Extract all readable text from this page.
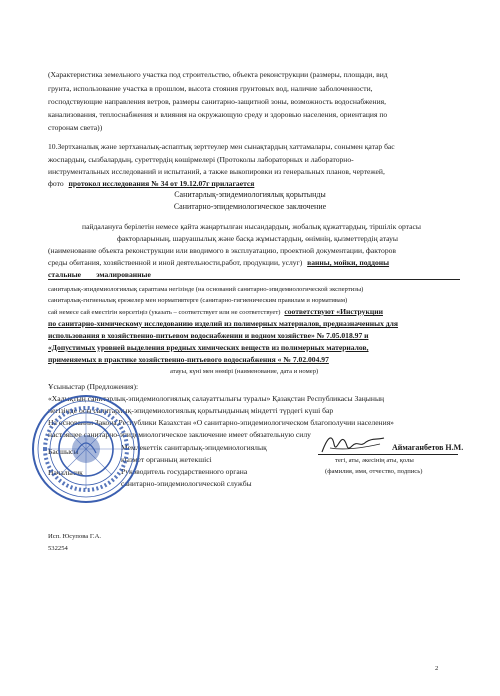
(Характеристика земельного участка под строительство, объекта реконструкции (размеры, площади, вид
грунта, использование участка в прошлом, высота стояния грунтовых вод, наличие заболоченности,
господствующие направления ветров, размеры санитарно-защитной зоны, возможность водоснабжения,
канализования, теплоснабжения и влияния на окружающую среду и здоровью населения, ориентация по
сторонам света))
10.Зертханалық және зертханалық-аспаптық зерттеулер мен сынақтардың хаттамалары, сонымен қатар бас
жоспардың, сызбалардың, суреттердің көшірмелері (Протоколы лабораторных и лабораторно-
инструментальных исследований и испытаний, а также выкопировки из генеральных планов, чертежей,
фото протокол исследования № 34 от 19.12.07г прилагается
Санитарлық-эпидемиологиялық қорытынды
Санитарно-эпидемиологическое заключение
пайдалануға берілетін немесе қайта жаңартылған нысандардың, жобалық құжаттардың, тіршілік ортасы
факторларының, шаруашылық және басқа жұмыстардың, өнімнің, қызметтердің атауы
(наименование объекта реконструкции или вводимого в эксплуатацию, проектной документации, факторов
среды обитания, хозяйственной и иной деятельности,работ, продукции, услуг) ванны, мойки, поддоны
стальные        эмалированные
санитарлық-эпидемиологиялық сараптама негізінде (на оснований санитарно-эпидемиологической экспертизы)
санитарлық-гигиеналық ережелер мен нормативтерге (санитарно-гигиеническим правилам и нормативам)
сай немесе сай еместігін көрсетіңіз (указать – соответствует или не соответствует) соответствуют «Инструкции
по санитарно-химическому исследованию изделий из полимерных материалов, предназначенных для
использования в хозяйственно-питьевом водоснабжении и водном хозяйстве» № 7.05.018.97 и
«Допустимых уровней выделения вредных химических веществ из полимерных материалов,
применяемых в практике хозяйственно-питьевого водоснабжения « № 7.02.004.97
атауы, күні мен нөмірі (наименование, дата и номер)
Ұсыныстар (Предложения):
«Халықтың санитарлық-эпидемиологиялық салауаттылығы туралы» Қазақстан Республикасы Заңының
негізінде осы санитарлық-эпидемиологиялық қорытындының міндетті түрдегі күші бар
На основании Закона Республики Казахстан «О санитарно-эпидемиологическом благополучии населения»
настоящее санитарно-эпидемиологическое заключение имеет обязательную силу
Басшысы
Начальник
Мемлекеттік санитарлық-эпидемиологиялық
қызмет органның жетекшісі
Руководитель государственного органа
санитарно-эпидемиологической службы
Аймаганбетов Н.М.
тегі, аты, әкесінің аты, қолы
(фамилия, имя, отчество, подпись)
Исп. Юсупова Г.А.
532254
2
